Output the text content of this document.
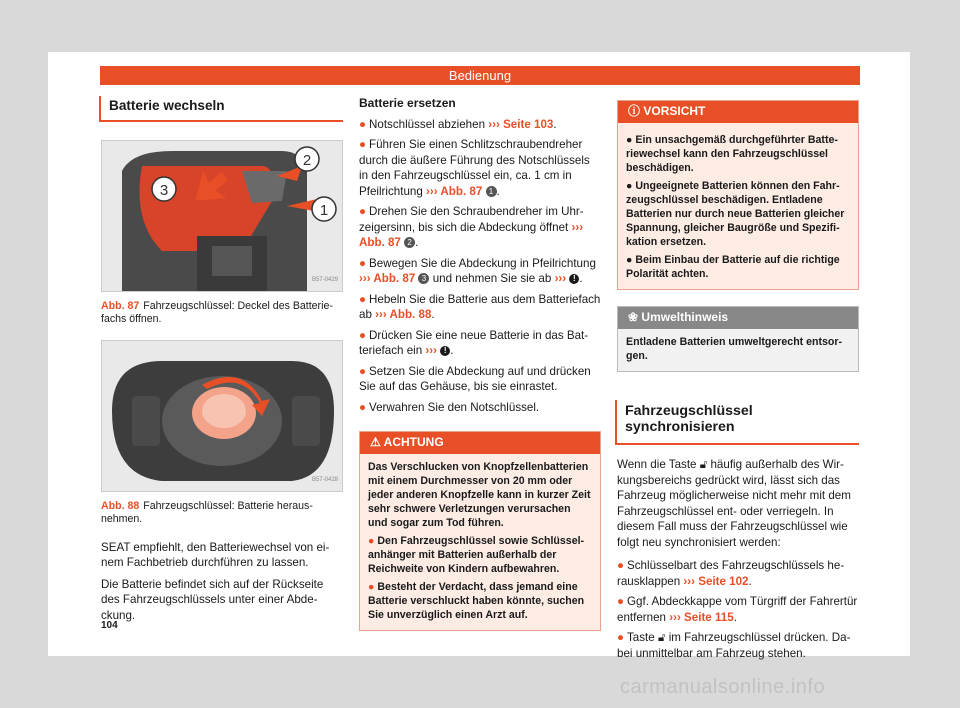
Bedienung
Batterie wechseln
3
2
1
B57-0429
Abb. 87 Fahrzeugschlüssel: Deckel des Batteriefachs öffnen.
B57-0428
Abb. 88 Fahrzeugschlüssel: Batterie herausnehmen.

SEAT empfiehlt, den Batteriewechsel von einem Fachbetrieb durchführen zu lassen.

Die Batterie befindet sich auf der Rückseite des Fahrzeugschlüssels unter einer Abdeckung.

Batterie ersetzen
● Notschlüssel abziehen ››› Seite 103.
● Führen Sie einen Schlitzschraubendreher durch die äußere Führung des Notschlüssels in den Fahrzeugschlüssel ein, ca. 1 cm in Pfeilrichtung ››› Abb. 87 1 .
● Drehen Sie den Schraubendreher im Uhrzeigersinn, bis sich die Abdeckung öffnet ››› Abb. 87 2 .
● Bewegen Sie die Abdeckung in Pfeilrichtung ››› Abb. 87 3 und nehmen Sie sie ab ››› ! .
● Hebeln Sie die Batterie aus dem Batteriefach ab ››› Abb. 88.
● Drücken Sie eine neue Batterie in das Batteriefach ein ››› ! .
● Setzen Sie die Abdeckung auf und drücken Sie auf das Gehäuse, bis sie einrastet.
● Verwahren Sie den Notschlüssel.
⚠ ACHTUNG
Das Verschlucken von Knopfzellenbatterien mit einem Durchmesser von 20 mm oder jeder anderen Knopfzelle kann in kurzer Zeit sehr schwere Verletzungen verursachen und sogar zum Tod führen.
● Den Fahrzeugschlüssel sowie Schlüsselanhänger mit Batterien außerhalb der Reichweite von Kindern aufbewahren.
● Besteht der Verdacht, dass jemand eine Batterie verschluckt haben könnte, suchen Sie unverzüglich einen Arzt auf.
ⓘ VORSICHT
● Ein unsachgemäß durchgeführter Batteriewechsel kann den Fahrzeugschlüssel beschädigen.
● Ungeeignete Batterien können den Fahrzeugschlüssel beschädigen. Entladene Batterien nur durch neue Batterien gleicher Spannung, gleicher Baugröße und Spezifikation ersetzen.
● Beim Einbau der Batterie auf die richtige Polarität achten.
❀ Umwelthinweis
Entladene Batterien umweltgerecht entsorgen.
Fahrzeugschlüssel synchronisieren

Wenn die Taste 🔓︎ häufig außerhalb des Wirkungsbereichs gedrückt wird, lässt sich das Fahrzeug möglicherweise nicht mehr mit dem Fahrzeugschlüssel ent- oder verriegeln. In diesem Fall muss der Fahrzeugschlüssel wie folgt neu synchronisiert werden:

● Schlüsselbart des Fahrzeugschlüssels herausklappen ››› Seite 102.
● Ggf. Abdeckkappe vom Türgriff der Fahrertür entfernen ››› Seite 115.
● Taste 🔓︎ im Fahrzeugschlüssel drücken. Dabei unmittelbar am Fahrzeug stehen.
104
carmanualsonline.info
